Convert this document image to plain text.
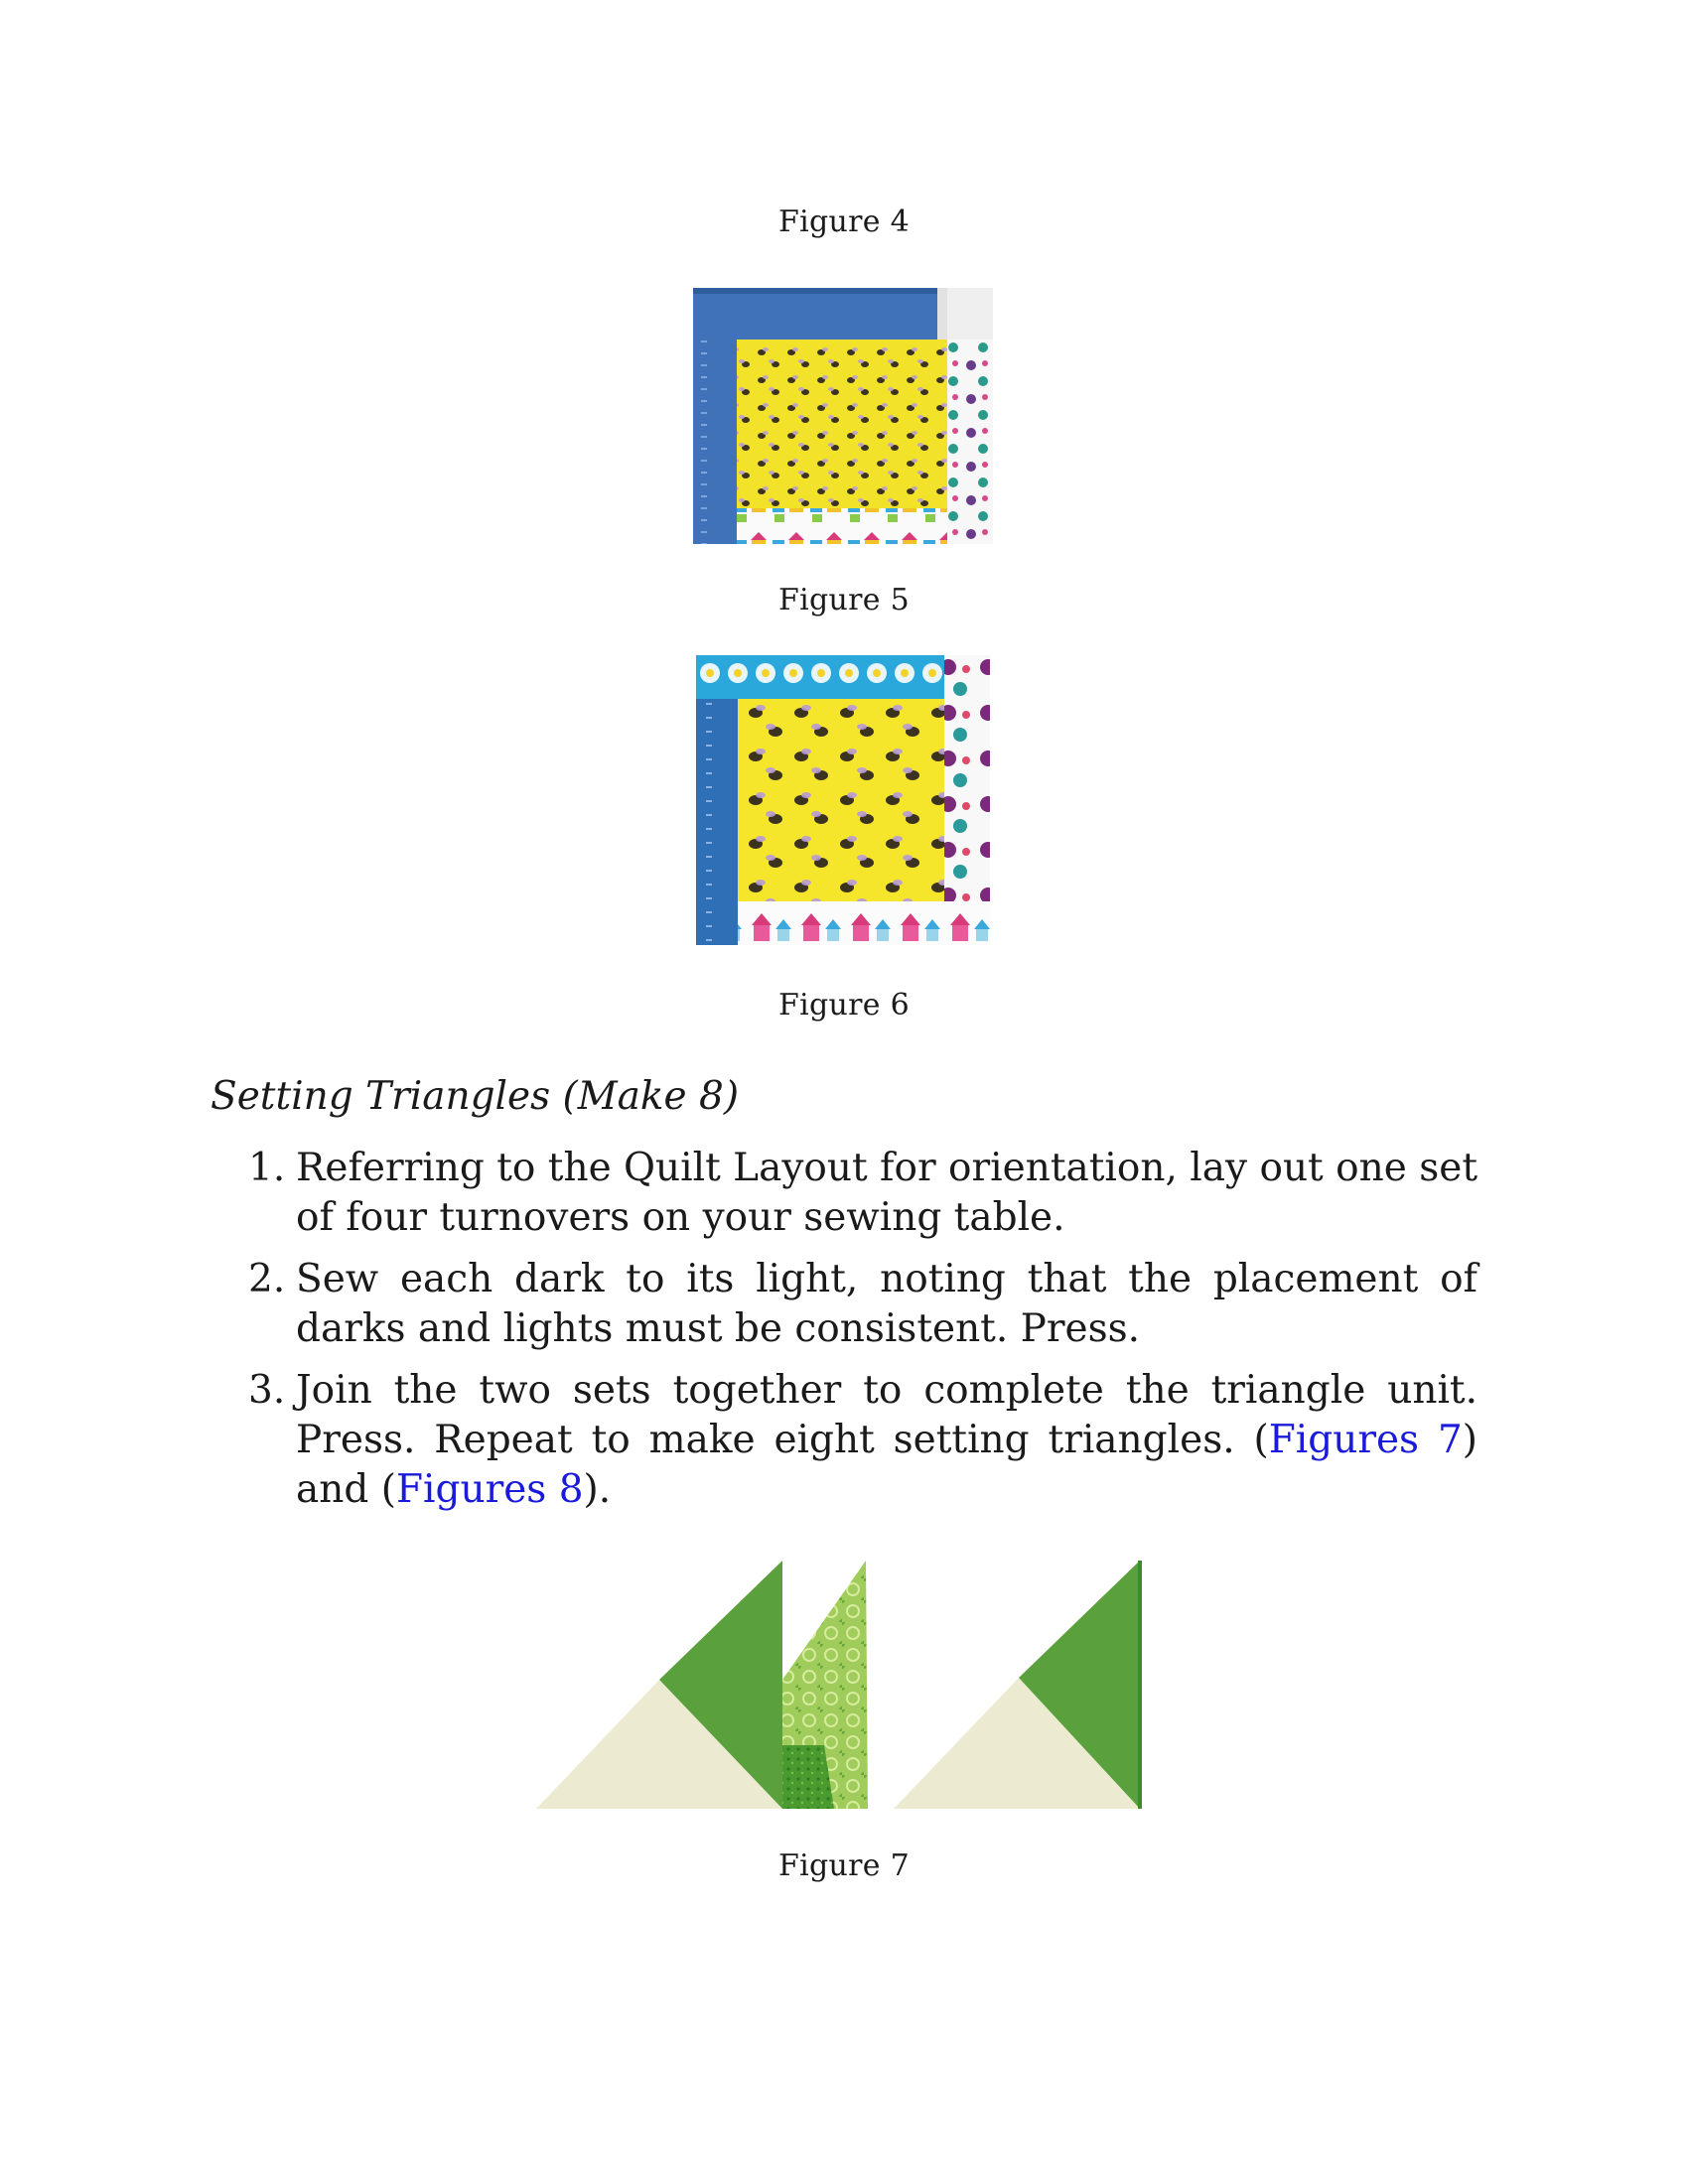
Figure 4
Figure 5
Figure 6
Setting Triangles (Make 8)
1. Referring to the Quilt Layout for orientation, lay out one set of four turnovers on your sewing table.
2. Sew each dark to its light, noting that the placement of darks and lights must be consistent. Press.
3. Join the two sets together to complete the triangle unit. Press. Repeat to make eight setting triangles. (Figures 7) and (Figures 8).
Figure 7
